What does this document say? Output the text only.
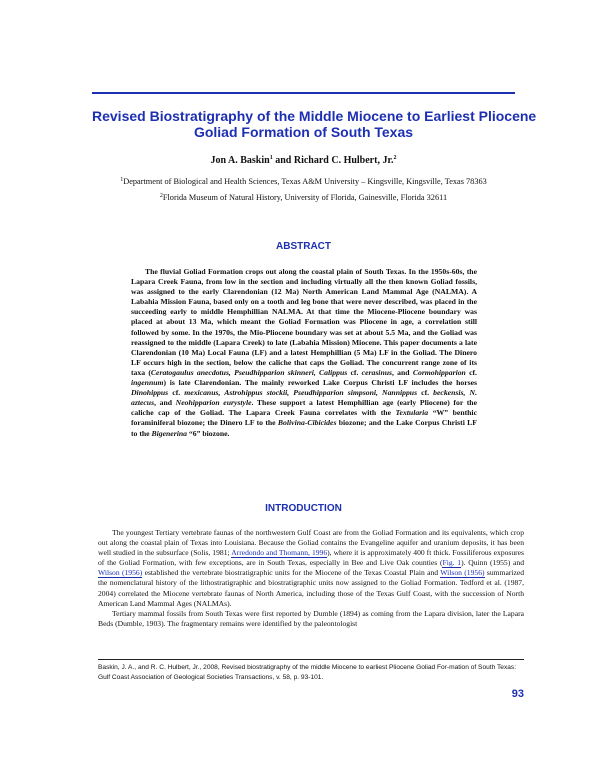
Revised Biostratigraphy of the Middle Miocene to Earliest Pliocene
Goliad Formation of South Texas
Jon A. Baskin$^1$ and Richard C. Hulbert, Jr.$^2$
$^1$Department of Biological and Health Sciences, Texas A&M University – Kingsville, Kingsville, Texas 78363
$^2$Florida Museum of Natural History, University of Florida, Gainesville, Florida 32611
ABSTRACT

The fluvial Goliad Formation crops out along the coastal plain of South Texas. In the 1950s-60s, the Lapara Creek Fauna, from low in the section and including virtually all the then known Goliad fossils, was assigned to the early Clarendonian (12 Ma) North American Land Mammal Age (NALMA). A Labahia Mission Fauna, based only on a tooth and leg bone that were never described, was placed in the succeeding early to middle Hemphillian NALMA. At that time the Miocene-Pliocene boundary was placed at about 13 Ma, which meant the Goliad Formation was Pliocene in age, a correlation still followed by some. In the 1970s, the Mio-Pliocene boundary was set at about 5.5 Ma, and the Goliad was reassigned to the middle (Lapara Creek) to late (Labahia Mission) Miocene. This paper documents a late Clarendonian (10 Ma) Local Fauna (LF) and a latest Hemphillian (5 Ma) LF in the Goliad. The Dinero LF occurs high in the section, below the caliche that caps the Goliad. The concurrent range zone of its taxa (Ceratogaulus anecdotus, Pseudhipparion skinneri, Calippus cf. cerasinus, and Cormohipparion cf. ingennum) is late Clarendonian. The mainly reworked Lake Corpus Christi LF includes the horses Dinohippus cf. mexicanus, Astrohippus stockii, Pseudhipparion simpsoni, Nannippus cf. beckensis, N. aztecus, and Neohipparion eurystyle. These support a latest Hemphillian age (early Pliocene) for the caliche cap of the Goliad. The Lapara Creek Fauna correlates with the Textularia “W” benthic foraminiferal biozone; the Dinero LF to the Bolivina-Cibicides biozone; and the Lake Corpus Christi LF to the Bigenerina “6” biozone.

INTRODUCTION

The youngest Tertiary vertebrate faunas of the northwestern Gulf Coast are from the Goliad Formation and its equivalents, which crop out along the coastal plain of Texas into Louisiana. Because the Goliad contains the Evangeline aquifer and uranium deposits, it has been well studied in the subsurface (Solis, 1981; Arredondo and Thomann, 1996), where it is approximately 400 ft thick. Fossiliferous exposures of the Goliad Formation, with few exceptions, are in South Texas, especially in Bee and Live Oak counties (Fig. 1). Quinn (1955) and Wilson (1956) established the vertebrate biostratigraphic units for the Miocene of the Texas Coastal Plain and Wilson (1956) summarized the nomenclatural history of the lithostratigraphic and biostratigraphic units now assigned to the Goliad Formation. Tedford et al. (1987, 2004) correlated the Miocene vertebrate faunas of North America, including those of the Texas Gulf Coast, with the succession of North American Land Mammal Ages (NALMAs).

Tertiary mammal fossils from South Texas were first reported by Dumble (1894) as coming from the Lapara division, later the Lapara Beds (Dumble, 1903). The fragmentary remains were identified by the paleontologist

Baskin, J. A., and R. C. Hulbert, Jr., 2008, Revised biostratigraphy of the middle Miocene to earliest Pliocene Goliad For-mation of South Texas: Gulf Coast Association of Geological Societies Transactions, v. 58, p. 93-101.
93
